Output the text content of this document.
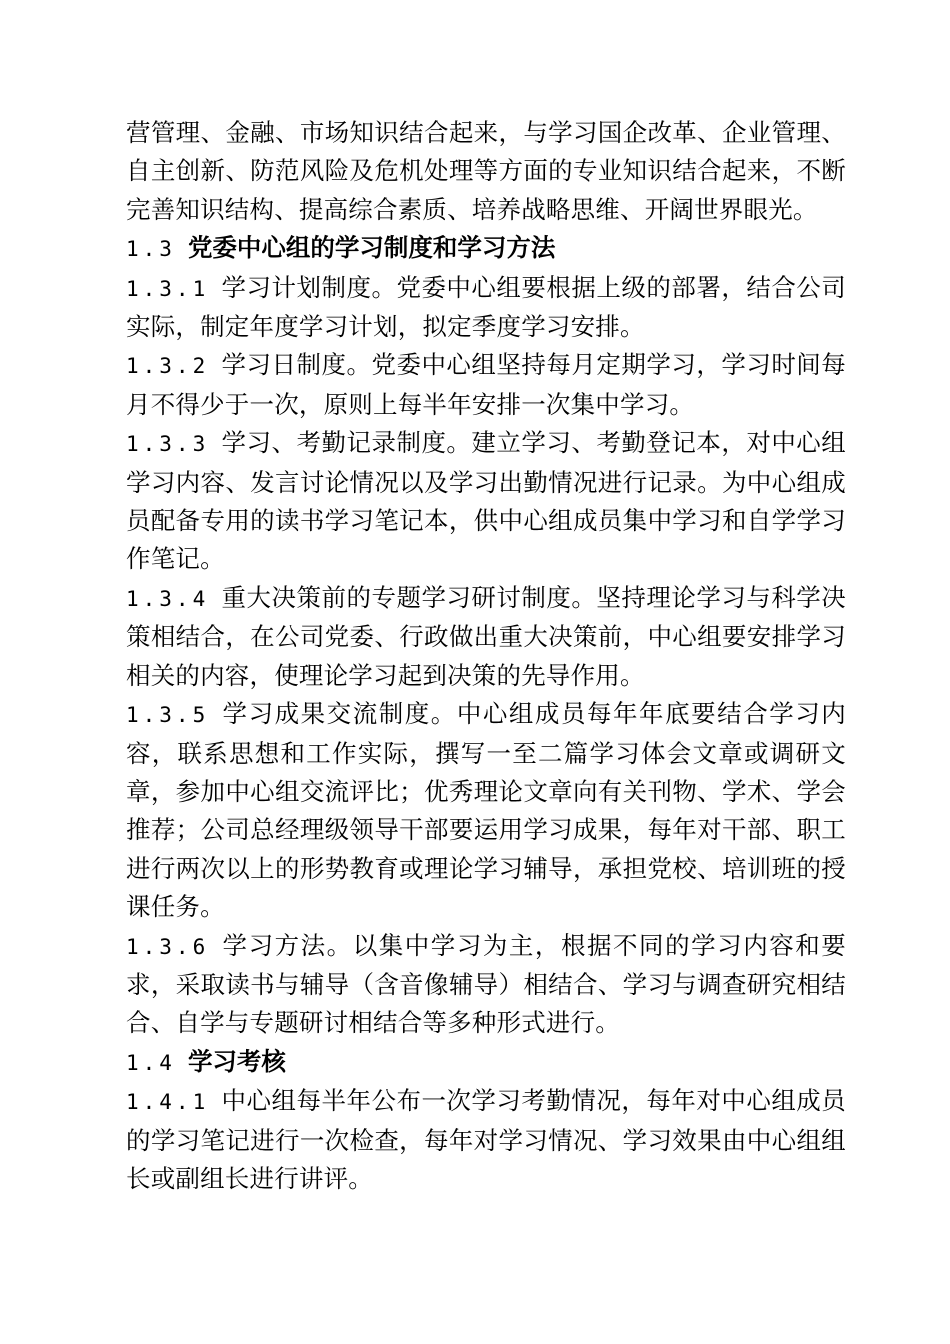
营管理、金融、市场知识结合起来，与学习国企改革、企业管理、自主创新、防范风险及危机处理等方面的专业知识结合起来，不断完善知识结构、提高综合素质、培养战略思维、开阔世界眼光。

1.3 党委中心组的学习制度和学习方法

1.3.1 学习计划制度。党委中心组要根据上级的部署，结合公司实际，制定年度学习计划，拟定季度学习安排。

1.3.2 学习日制度。党委中心组坚持每月定期学习，学习时间每月不得少于一次，原则上每半年安排一次集中学习。

1.3.3 学习、考勤记录制度。建立学习、考勤登记本，对中心组学习内容、发言讨论情况以及学习出勤情况进行记录。为中心组成员配备专用的读书学习笔记本，供中心组成员集中学习和自学学习作笔记。

1.3.4 重大决策前的专题学习研讨制度。坚持理论学习与科学决策相结合，在公司党委、行政做出重大决策前，中心组要安排学习相关的内容，使理论学习起到决策的先导作用。

1.3.5 学习成果交流制度。中心组成员每年年底要结合学习内容，联系思想和工作实际，撰写一至二篇学习体会文章或调研文章，参加中心组交流评比；优秀理论文章向有关刊物、学术、学会推荐；公司总经理级领导干部要运用学习成果，每年对干部、职工进行两次以上的形势教育或理论学习辅导，承担党校、培训班的授课任务。

1.3.6 学习方法。以集中学习为主，根据不同的学习内容和要求，采取读书与辅导（含音像辅导）相结合、学习与调查研究相结合、自学与专题研讨相结合等多种形式进行。

1.4 学习考核

1.4.1 中心组每半年公布一次学习考勤情况，每年对中心组成员的学习笔记进行一次检查，每年对学习情况、学习效果由中心组组长或副组长进行讲评。
